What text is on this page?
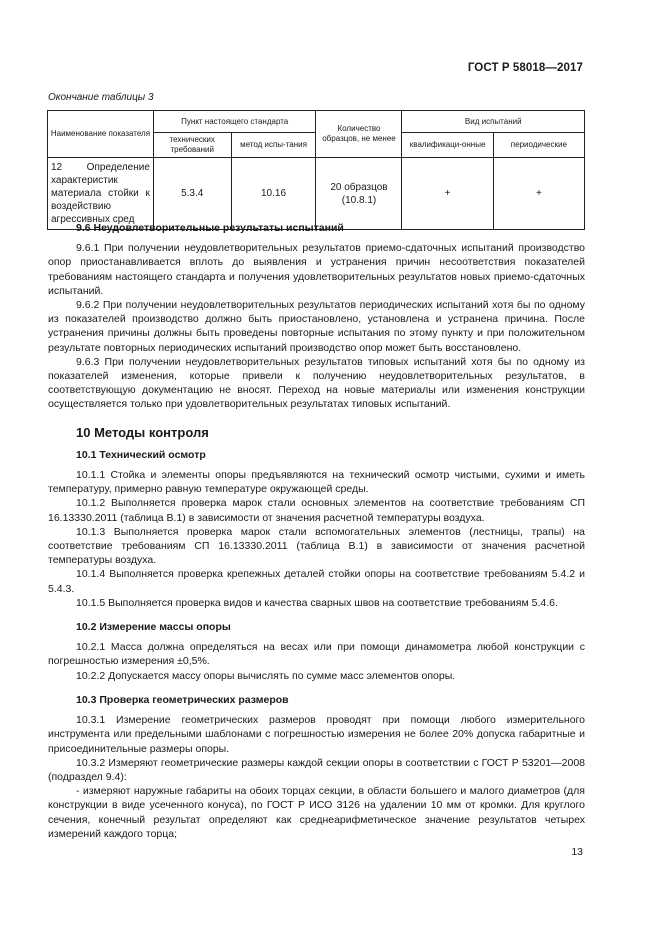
ГОСТ Р 58018—2017
Окончание таблицы 3
Наименование показателя	Пункт настоящего стандарта		Количество образцов, не менее	Вид испытаний	
	технических требований	метод испы-тания		квалификаци-онные	периодические
12 Определение характеристик материала стойки к воздействию агрессивных сред	5.3.4	10.16	20 образцов (10.8.1)	+	+

9.6 Неудовлетворительные результаты испытаний

9.6.1 При получении неудовлетворительных результатов приемо-сдаточных испытаний производство опор приостанавливается вплоть до выявления и устранения причин несоответствия показателей требованиям настоящего стандарта и получения удовлетворительных результатов новых приемо-сдаточных испытаний.

9.6.2 При получении неудовлетворительных результатов периодических испытаний хотя бы по одному из показателей производство должно быть приостановлено, установлена и устранена причина. После устранения причины должны быть проведены повторные испытания по этому пункту и при положительном результате повторных периодических испытаний производство опор может быть восстановлено.

9.6.3 При получении неудовлетворительных результатов типовых испытаний хотя бы по одному из показателей изменения, которые привели к получению неудовлетворительных результатов, в соответствующую документацию не вносят. Переход на новые материалы или изменения конструкции осуществляется только при удовлетворительных результатах типовых испытаний.

10 Методы контроля

10.1 Технический осмотр

10.1.1 Стойка и элементы опоры предъявляются на технический осмотр чистыми, сухими и иметь температуру, примерно равную температуре окружающей среды.

10.1.2 Выполняется проверка марок стали основных элементов на соответствие требованиям СП 16.13330.2011 (таблица В.1) в зависимости от значения расчетной температуры воздуха.

10.1.3 Выполняется проверка марок стали вспомогательных элементов (лестницы, трапы) на соответствие требованиям СП 16.13330.2011 (таблица В.1) в зависимости от значения расчетной температуры воздуха.

10.1.4 Выполняется проверка крепежных деталей стойки опоры на соответствие требованиям 5.4.2 и 5.4.3.

10.1.5 Выполняется проверка видов и качества сварных швов на соответствие требованиям 5.4.6.

10.2 Измерение массы опоры

10.2.1 Масса должна определяться на весах или при помощи динамометра любой конструкции с погрешностью измерения ±0,5%.

10.2.2 Допускается массу опоры вычислять по сумме масс элементов опоры.

10.3 Проверка геометрических размеров

10.3.1 Измерение геометрических размеров проводят при помощи любого измерительного инструмента или предельными шаблонами с погрешностью измерения не более 20% допуска габаритные и присоединительные размеры опоры.

10.3.2 Измеряют геометрические размеры каждой секции опоры в соответствии с ГОСТ Р 53201—2008 (подраздел 9.4):

- измеряют наружные габариты на обоих торцах секции, в области большего и малого диаметров (для конструкции в виде усеченного конуса), по ГОСТ Р ИСО 3126 на удалении 10 мм от кромки. Для круглого сечения, конечный результат определяют как среднеарифметическое значение результатов четырех измерений каждого торца;

13
